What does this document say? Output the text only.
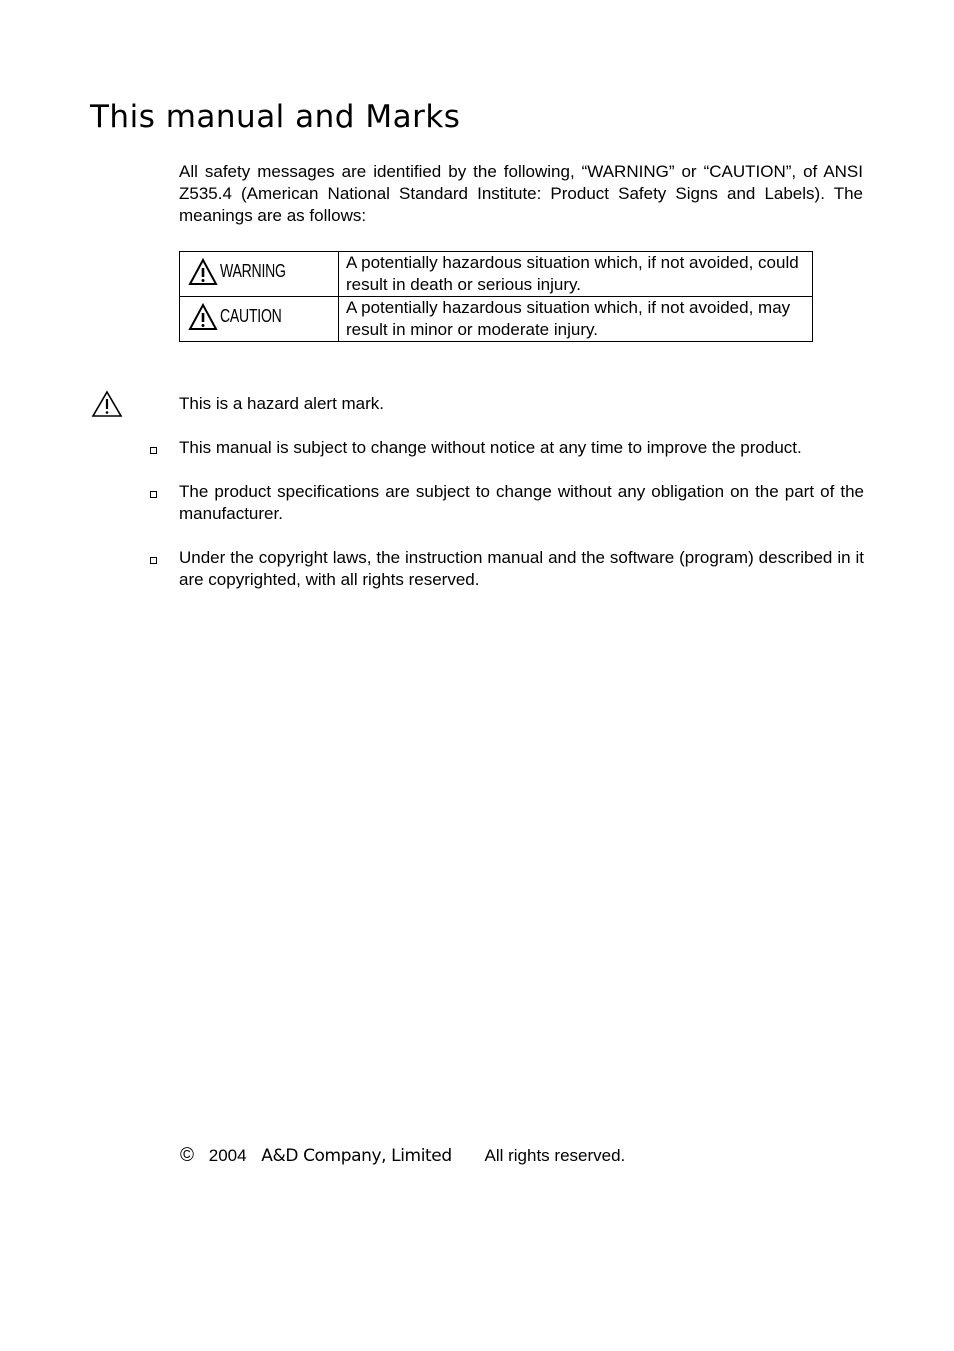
This manual and Marks

All safety messages are identified by the following, “WARNING” or “CAUTION”, of ANSI Z535.4 (American National Standard Institute: Product Safety Signs and Labels). The meanings are as follows:

WARNING	A potentially hazardous situation which, if not avoided, could result in death or serious injury.

CAUTION	A potentially hazardous situation which, if not avoided, may result in minor or moderate injury.

This is a hazard alert mark.

This manual is subject to change without notice at any time to improve the product.
The product specifications are subject to change without any obligation on the part of the manufacturer.
Under the copyright laws, the instruction manual and the software (program) described in it are copyrighted, with all rights reserved.
© 2004 A&D Company, Limited All rights reserved.
